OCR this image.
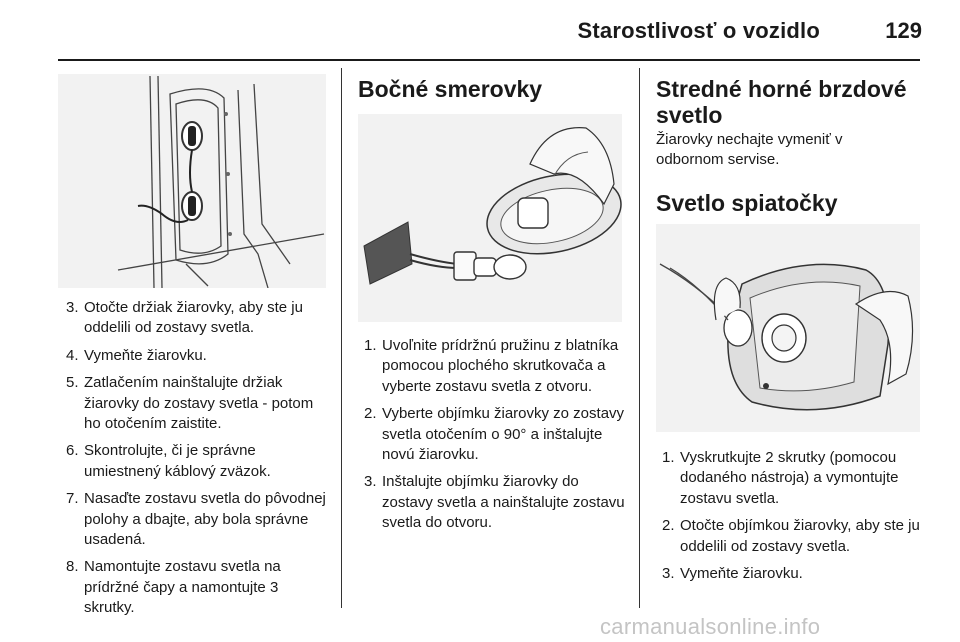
Starostlivosť o vozidlo	129
3. Otočte držiak žiarovky, aby ste ju oddelili od zostavy svetla.
4. Vymeňte žiarovku.
5. Zatlačením nainštalujte držiak žiarovky do zostavy svetla - potom ho otočením zaistite.
6. Skontrolujte, či je správne umiestnený káblový zväzok.
7. Nasaďte zostavu svetla do pôvodnej polohy a dbajte, aby bola správne usadená.
8. Namontujte zostavu svetla na prídržné čapy a namontujte 3 skrutky.
Bočné smerovky
1. Uvoľnite prídržnú pružinu z blatníka pomocou plochého skrutkovača a vyberte zostavu svetla z otvoru.
2. Vyberte objímku žiarovky zo zostavy svetla otočením o 90° a inštalujte novú žiarovku.
3. Inštalujte objímku žiarovky do zostavy svetla a nainštalujte zostavu svetla do otvoru.
Stredné horné brzdové svetlo

Žiarovky nechajte vymeniť v odbornom servise.

Svetlo spiatočky
1. Vyskrutkujte 2 skrutky (pomocou dodaného nástroja) a vymontujte zostavu svetla.
2. Otočte objímkou žiarovky, aby ste ju oddelili od zostavy svetla.
3. Vymeňte žiarovku.
carmanualsonline.info
